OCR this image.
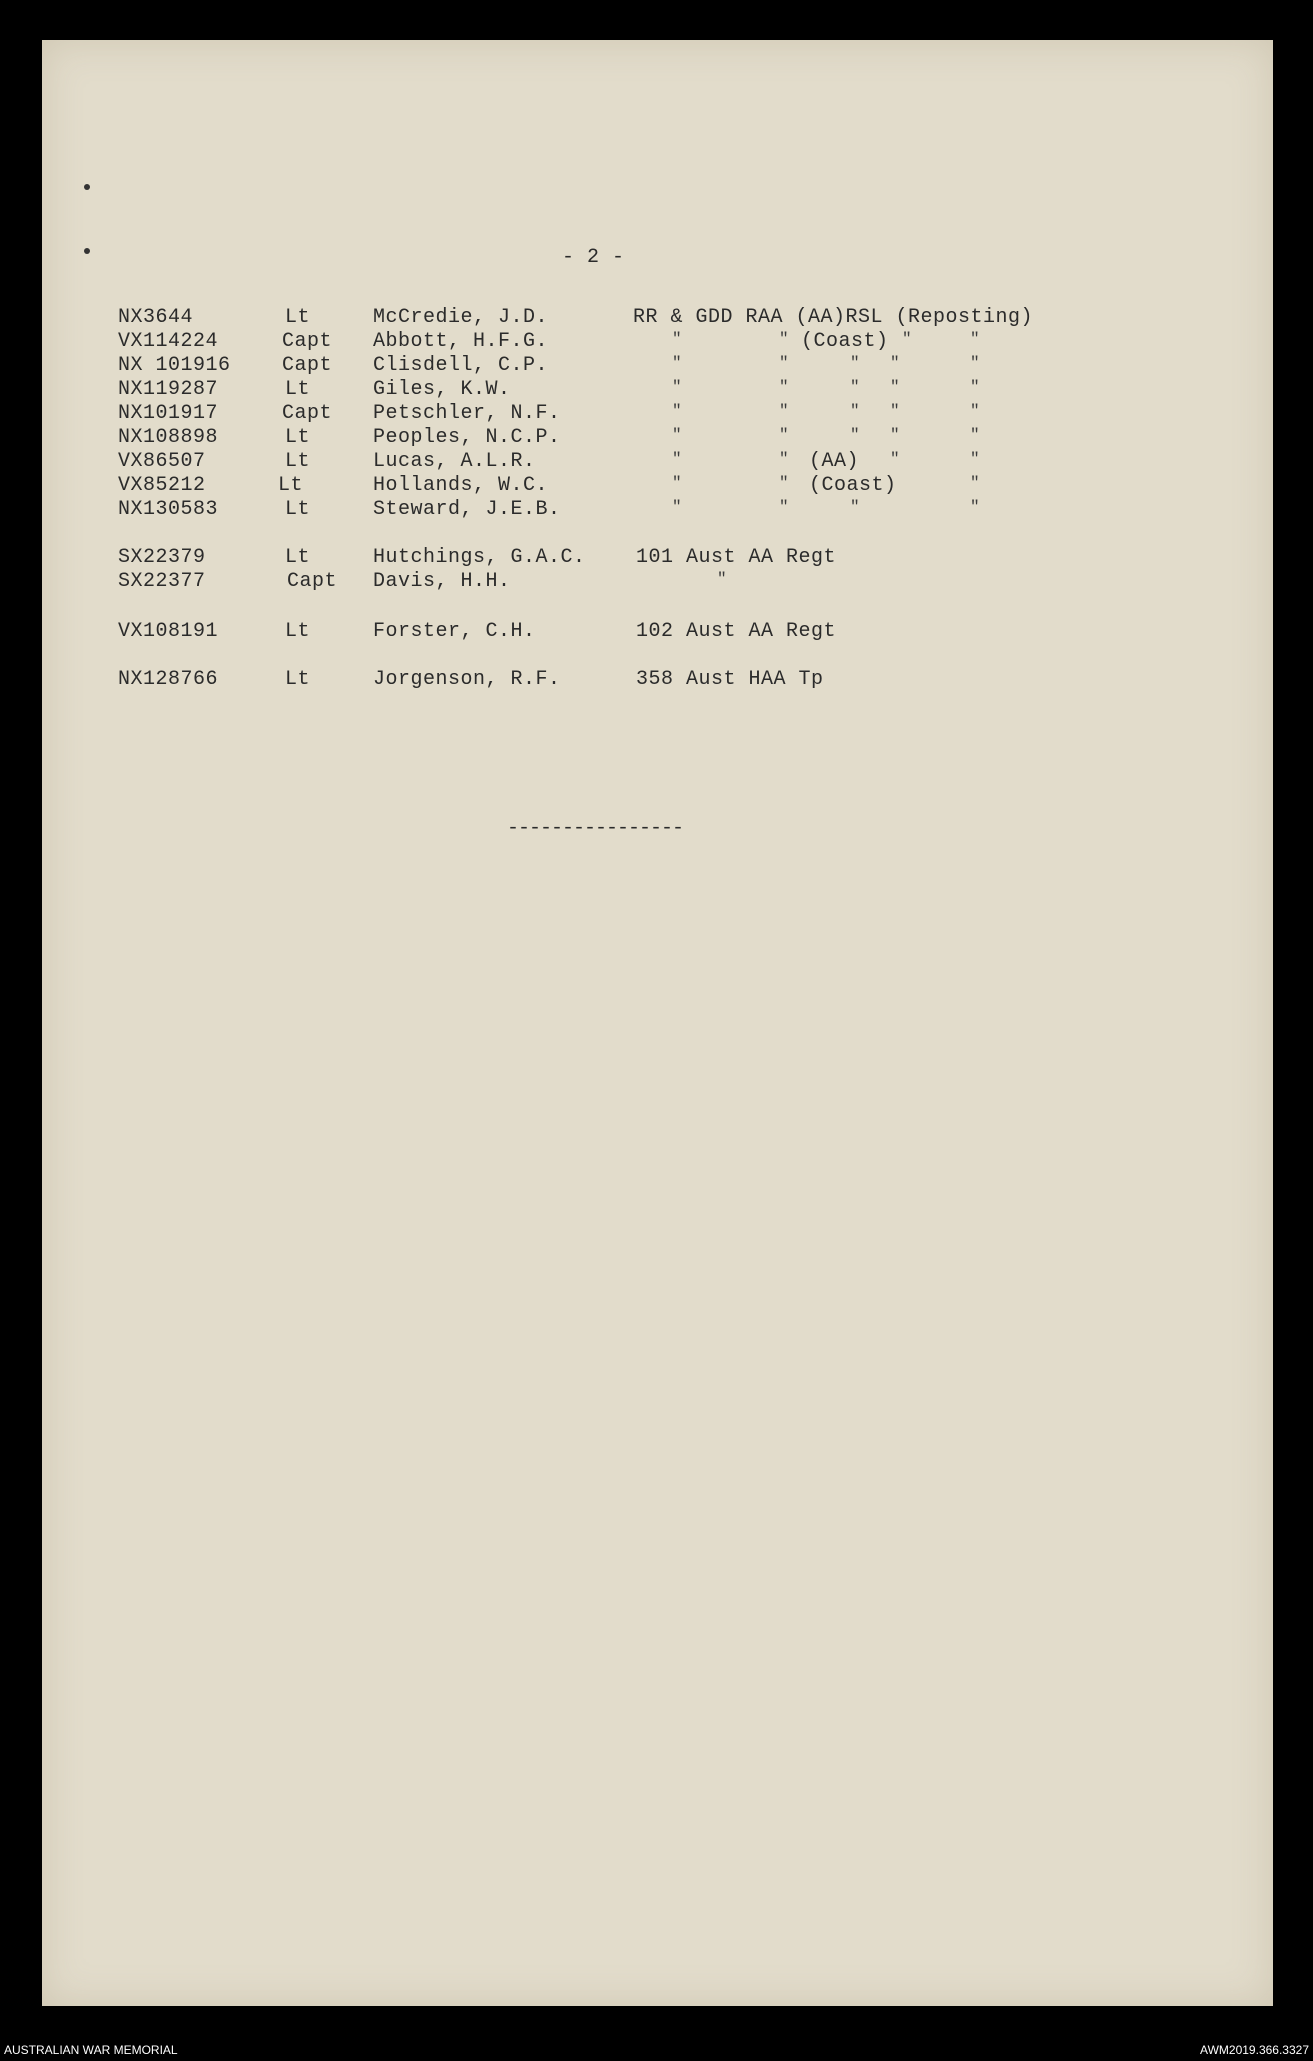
- 2 -
NX3644	Lt	McCredie, J.D.	RR & GDD RAA (AA)RSL (Reposting)
VX114224	Capt Abbott, H.F.G.	"	" (Coast) "	"
NX 101916	Capt Clisdell, C.P.	"	"	" "	"
NX119287	Lt	Giles, K.W.	"	"	" "	"
NX101917	Capt Petschler, N.F.	"	"	" "	"
NX108898	Lt	Peoples, N.C.P.	"	"	" "	"
VX86507	Lt	Lucas, A.L.R.	"	" (AA) "	"
VX85212	Lt	Hollands, W.C.	"	" (Coast)	"
NX130583	Lt	Steward, J.E.B.	"	"	"	"
SX22379	Lt	Hutchings, G.A.C.	101 Aust AA Regt
SX22377	Capt Davis, H.H.	"
VX108191	Lt	Forster, C.H.	102 Aust AA Regt
NX128766	Lt	Jorgenson, R.F.	358 Aust HAA Tp
----------------
AUSTRALIAN WAR MEMORIAL	AWM2019.366.3327
